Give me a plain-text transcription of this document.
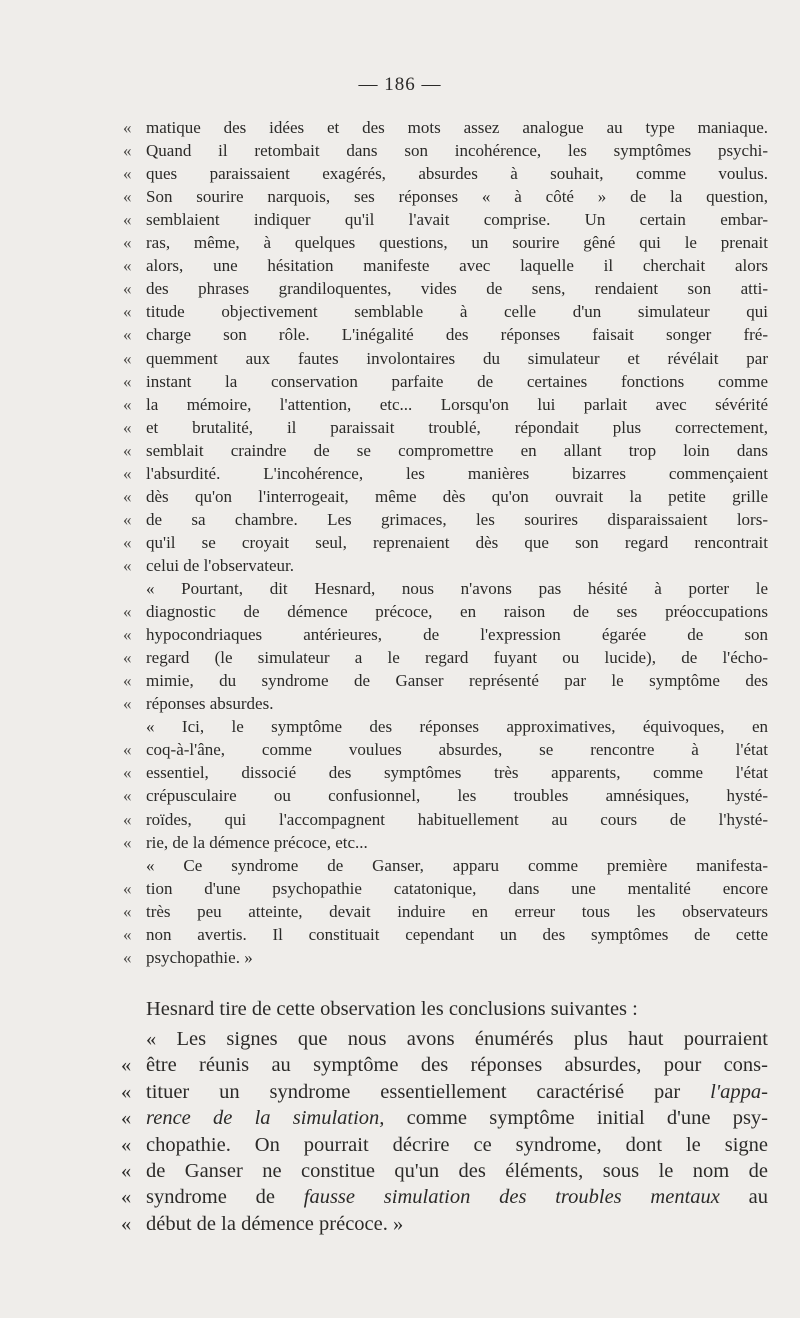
— 186 —
« matique des idées et des mots assez analogue au type maniaque.
« Quand il retombait dans son incohérence, les symptômes psychi-
« ques paraissaient exagérés, absurdes à souhait, comme voulus.
« Son sourire narquois, ses réponses « à côté » de la question,
« semblaient indiquer qu'il l'avait comprise. Un certain embar-
« ras, même, à quelques questions, un sourire gêné qui le prenait
« alors, une hésitation manifeste avec laquelle il cherchait alors
« des phrases grandiloquentes, vides de sens, rendaient son atti-
« titude objectivement semblable à celle d'un simulateur qui
« charge son rôle. L'inégalité des réponses faisait songer fré-
« quemment aux fautes involontaires du simulateur et révélait par
« instant la conservation parfaite de certaines fonctions comme
« la mémoire, l'attention, etc... Lorsqu'on lui parlait avec sévérité
« et brutalité, il paraissait troublé, répondait plus correctement,
« semblait craindre de se compromettre en allant trop loin dans
« l'absurdité. L'incohérence, les manières bizarres commençaient
« dès qu'on l'interrogeait, même dès qu'on ouvrait la petite grille
« de sa chambre. Les grimaces, les sourires disparaissaient lors-
« qu'il se croyait seul, reprenaient dès que son regard rencontrait
« celui de l'observateur.
« Pourtant, dit Hesnard, nous n'avons pas hésité à porter le
« diagnostic de démence précoce, en raison de ses préoccupations
« hypocondriaques antérieures, de l'expression égarée de son
« regard (le simulateur a le regard fuyant ou lucide), de l'écho-
« mimie, du syndrome de Ganser représenté par le symptôme des
« réponses absurdes.
« Ici, le symptôme des réponses approximatives, équivoques, en
« coq-à-l'âne, comme voulues absurdes, se rencontre à l'état
« essentiel, dissocié des symptômes très apparents, comme l'état
« crépusculaire ou confusionnel, les troubles amnésiques, hysté-
« roïdes, qui l'accompagnent habituellement au cours de l'hysté-
« rie, de la démence précoce, etc...
« Ce syndrome de Ganser, apparu comme première manifesta-
« tion d'une psychopathie catatonique, dans une mentalité encore
« très peu atteinte, devait induire en erreur tous les observateurs
« non avertis. Il constituait cependant un des symptômes de cette
« psychopathie. »
Hesnard tire de cette observation les conclusions suivantes :
« Les signes que nous avons énumérés plus haut pourraient
« être réunis au symptôme des réponses absurdes, pour cons-
« tituer un syndrome essentiellement caractérisé par l'appa-
« rence de la simulation, comme symptôme initial d'une psy-
« chopathie. On pourrait décrire ce syndrome, dont le signe
« de Ganser ne constitue qu'un des éléments, sous le nom de
« syndrome de fausse simulation des troubles mentaux au
« début de la démence précoce. »
